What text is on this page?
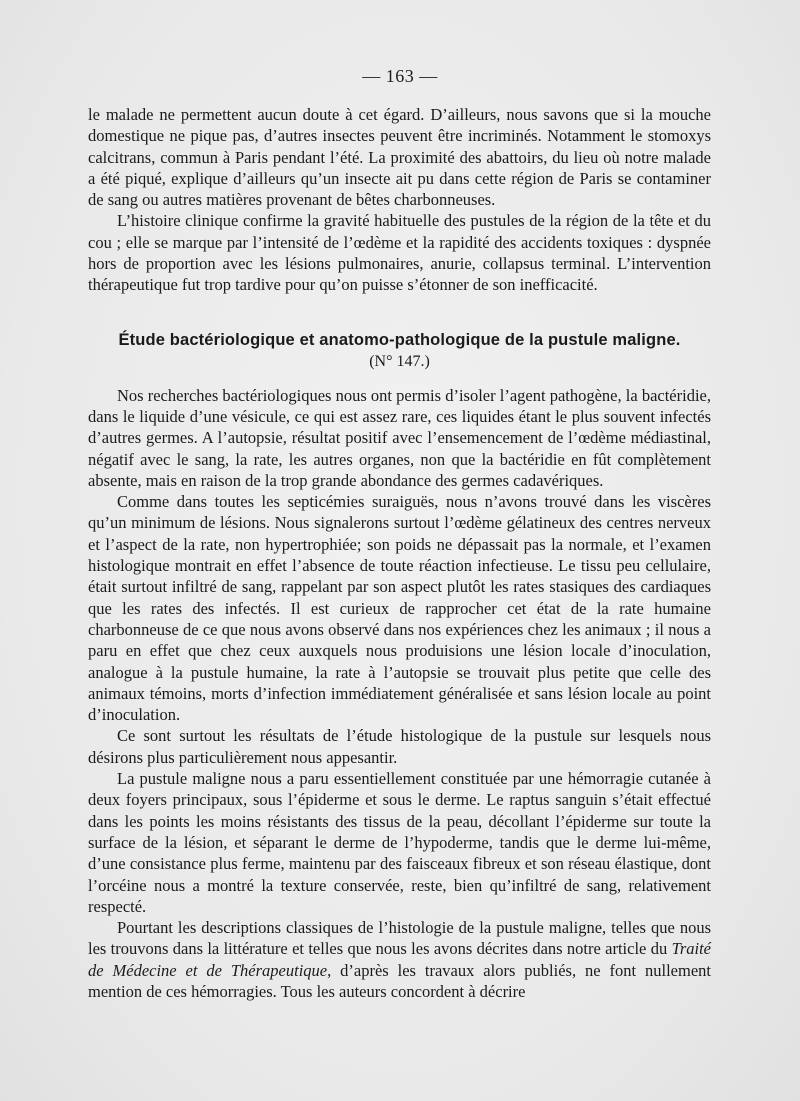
— 163 —

le malade ne permettent aucun doute à cet égard. D’ailleurs, nous savons que si la mouche domestique ne pique pas, d’autres insectes peuvent être incriminés. Notamment le stomoxys calcitrans, commun à Paris pendant l’été. La proximité des abattoirs, du lieu où notre malade a été piqué, explique d’ailleurs qu’un insecte ait pu dans cette région de Paris se contaminer de sang ou autres matières provenant de bêtes charbonneuses.

L’histoire clinique confirme la gravité habituelle des pustules de la région de la tête et du cou ; elle se marque par l’intensité de l’œdème et la rapidité des accidents toxiques : dyspnée hors de proportion avec les lésions pulmonaires, anurie, collapsus terminal. L’intervention thérapeutique fut trop tardive pour qu’on puisse s’étonner de son inefficacité.

Étude bactériologique et anatomo-pathologique de la pustule maligne.
(N° 147.)

Nos recherches bactériologiques nous ont permis d’isoler l’agent pathogène, la bactéridie, dans le liquide d’une vésicule, ce qui est assez rare, ces liquides étant le plus souvent infectés d’autres germes. A l’autopsie, résultat positif avec l’ensemencement de l’œdème médiastinal, négatif avec le sang, la rate, les autres organes, non que la bactéridie en fût complètement absente, mais en raison de la trop grande abondance des germes cadavériques.

Comme dans toutes les septicémies suraiguës, nous n’avons trouvé dans les viscères qu’un minimum de lésions. Nous signalerons surtout l’œdème gélatineux des centres nerveux et l’aspect de la rate, non hypertrophiée; son poids ne dépassait pas la normale, et l’examen histologique montrait en effet l’absence de toute réaction infectieuse. Le tissu peu cellulaire, était surtout infiltré de sang, rappelant par son aspect plutôt les rates stasiques des cardiaques que les rates des infectés. Il est curieux de rapprocher cet état de la rate humaine charbonneuse de ce que nous avons observé dans nos expériences chez les animaux ; il nous a paru en effet que chez ceux auxquels nous produisions une lésion locale d’inoculation, analogue à la pustule humaine, la rate à l’autopsie se trouvait plus petite que celle des animaux témoins, morts d’infection immédiatement généralisée et sans lésion locale au point d’inoculation.

Ce sont surtout les résultats de l’étude histologique de la pustule sur lesquels nous désirons plus particulièrement nous appesantir.

La pustule maligne nous a paru essentiellement constituée par une hémorragie cutanée à deux foyers principaux, sous l’épiderme et sous le derme. Le raptus sanguin s’était effectué dans les points les moins résistants des tissus de la peau, décollant l’épiderme sur toute la surface de la lésion, et séparant le derme de l’hypoderme, tandis que le derme lui-même, d’une consistance plus ferme, maintenu par des faisceaux fibreux et son réseau élastique, dont l’orcéine nous a montré la texture conservée, reste, bien qu’infiltré de sang, relativement respecté.

Pourtant les descriptions classiques de l’histologie de la pustule maligne, telles que nous les trouvons dans la littérature et telles que nous les avons décrites dans notre article du Traité de Médecine et de Thérapeutique, d’après les travaux alors publiés, ne font nullement mention de ces hémorragies. Tous les auteurs concordent à décrire
